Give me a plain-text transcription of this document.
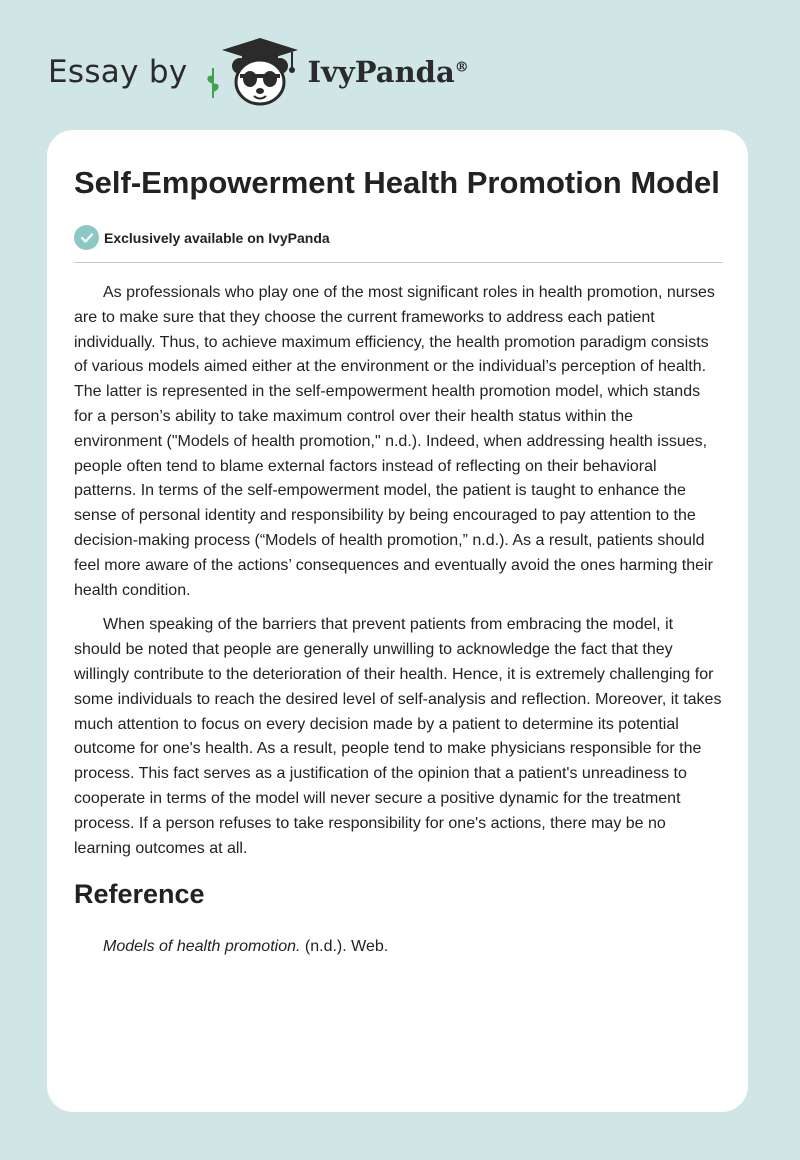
Essay by	IvyPanda®
Self-Empowerment Health Promotion Model
Exclusively available on IvyPanda

As professionals who play one of the most significant roles in health promotion, nurses are to make sure that they choose the current frameworks to address each patient individually. Thus, to achieve maximum efficiency, the health promotion paradigm consists of various models aimed either at the environment or the individual’s perception of health. The latter is represented in the self-empowerment health promotion model, which stands for a person’s ability to take maximum control over their health status within the environment ("Models of health promotion," n.d.). Indeed, when addressing health issues, people often tend to blame external factors instead of reflecting on their behavioral patterns. In terms of the self-empowerment model, the patient is taught to enhance the sense of personal identity and responsibility by being encouraged to pay attention to the decision-making process (“Models of health promotion,” n.d.). As a result, patients should feel more aware of the actions’ consequences and eventually avoid the ones harming their health condition.

When speaking of the barriers that prevent patients from embracing the model, it should be noted that people are generally unwilling to acknowledge the fact that they willingly contribute to the deterioration of their health. Hence, it is extremely challenging for some individuals to reach the desired level of self-analysis and reflection. Moreover, it takes much attention to focus on every decision made by a patient to determine its potential outcome for one's health. As a result, people tend to make physicians responsible for the process. This fact serves as a justification of the opinion that a patient's unreadiness to cooperate in terms of the model will never secure a positive dynamic for the treatment process. If a person refuses to take responsibility for one's actions, there may be no learning outcomes at all.

Reference
Models of health promotion. (n.d.). Web.
